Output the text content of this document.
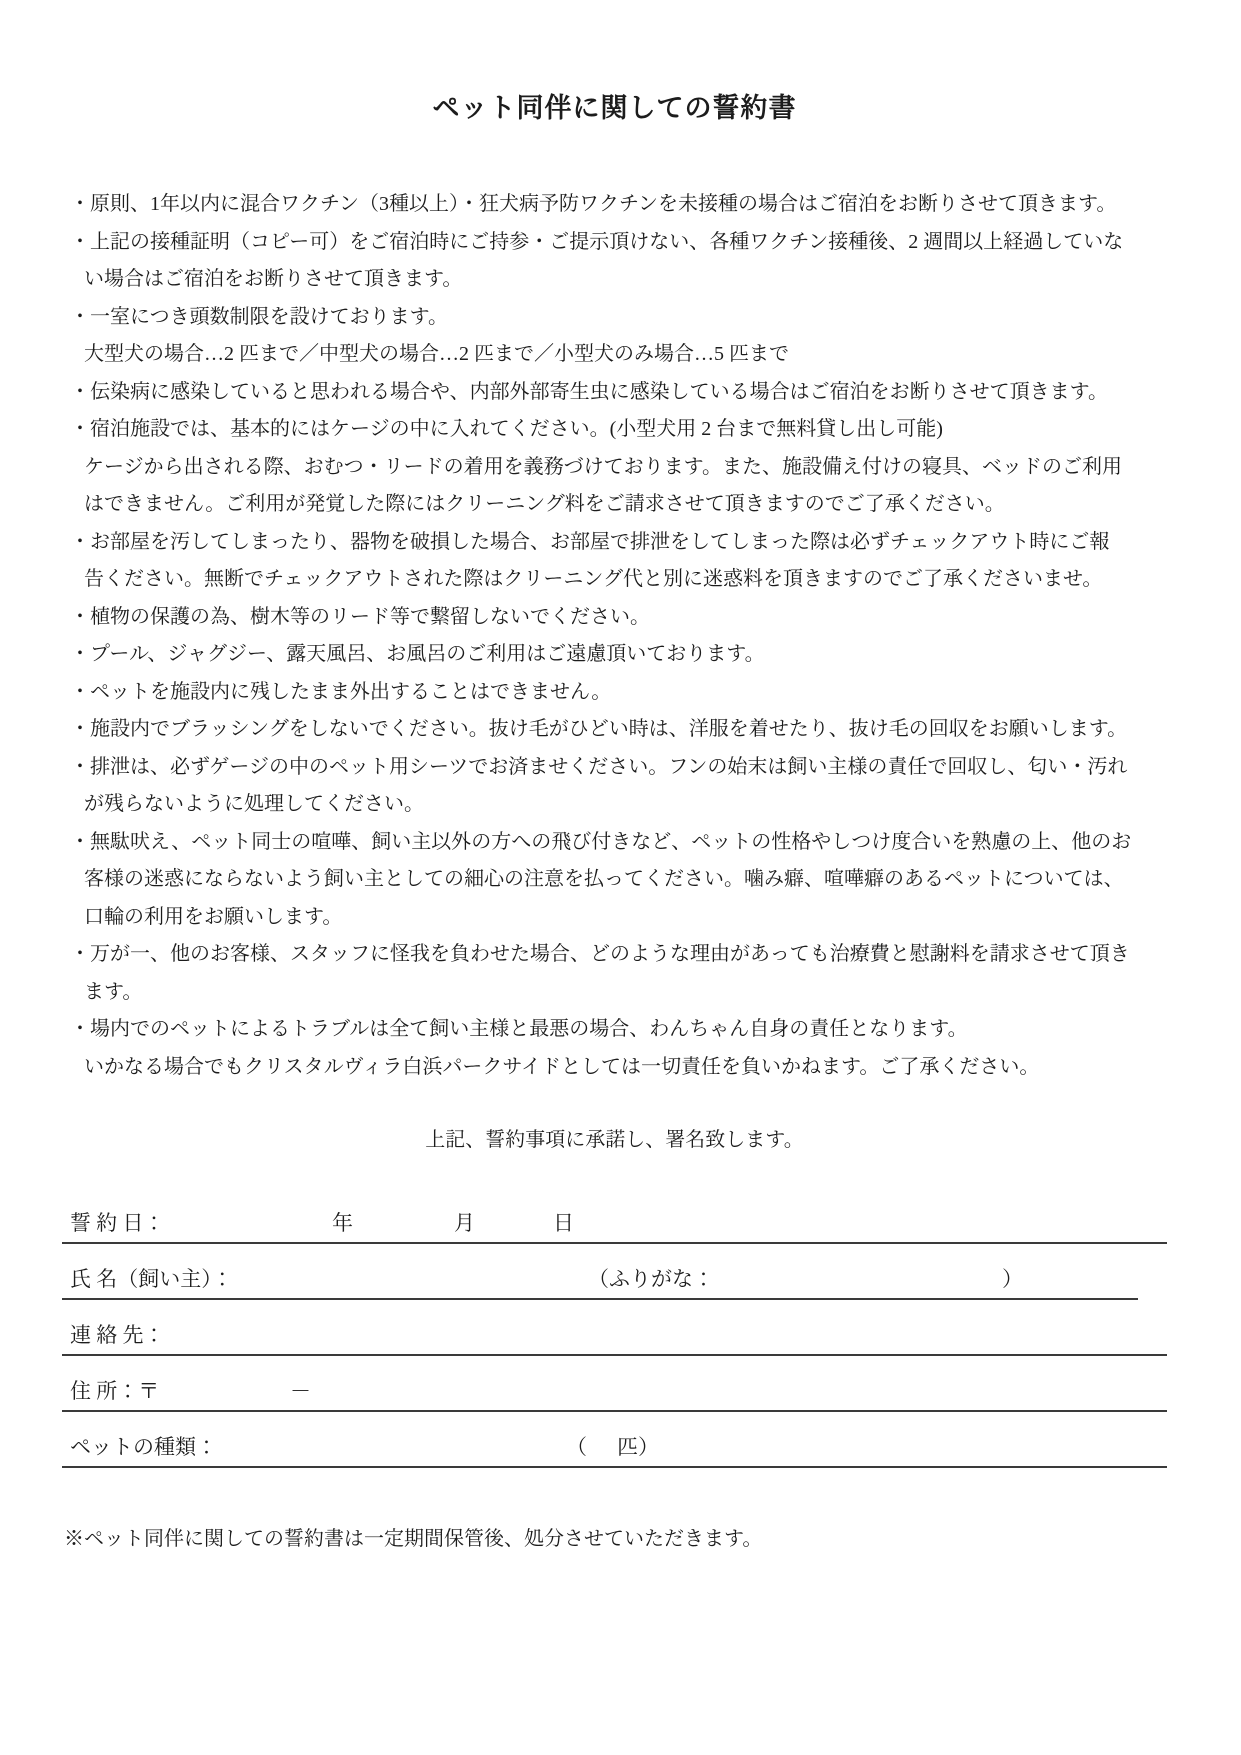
ペット同伴に関しての誓約書
・原則、1年以内に混合ワクチン（3種以上）・狂犬病予防ワクチンを未接種の場合はご宿泊をお断りさせて頂きます。
・上記の接種証明（コピー可）をご宿泊時にご持参・ご提示頂けない、各種ワクチン接種後、2 週間以上経過していな
い場合はご宿泊をお断りさせて頂きます。
・一室につき頭数制限を設けております。
大型犬の場合…2 匹まで／中型犬の場合…2 匹まで／小型犬のみ場合…5 匹まで
・伝染病に感染していると思われる場合や、内部外部寄生虫に感染している場合はご宿泊をお断りさせて頂きます。
・宿泊施設では、基本的にはケージの中に入れてください。(小型犬用 2 台まで無料貸し出し可能)
ケージから出される際、おむつ・リードの着用を義務づけております。また、施設備え付けの寝具、ベッドのご利用
はできません。ご利用が発覚した際にはクリーニング料をご請求させて頂きますのでご了承ください。
・お部屋を汚してしまったり、器物を破損した場合、お部屋で排泄をしてしまった際は必ずチェックアウト時にご報
告ください。無断でチェックアウトされた際はクリーニング代と別に迷惑料を頂きますのでご了承くださいませ。
・植物の保護の為、樹木等のリード等で繋留しないでください。
・プール、ジャグジー、露天風呂、お風呂のご利用はご遠慮頂いております。
・ペットを施設内に残したまま外出することはできません。
・施設内でブラッシングをしないでください。抜け毛がひどい時は、洋服を着せたり、抜け毛の回収をお願いします。
・排泄は、必ずゲージの中のペット用シーツでお済ませください。フンの始末は飼い主様の責任で回収し、匂い・汚れ
が残らないように処理してください。
・無駄吠え、ペット同士の喧嘩、飼い主以外の方への飛び付きなど、ペットの性格やしつけ度合いを熟慮の上、他のお
客様の迷惑にならないよう飼い主としての細心の注意を払ってください。噛み癖、喧嘩癖のあるペットについては、
口輪の利用をお願いします。
・万が一、他のお客様、スタッフに怪我を負わせた場合、どのような理由があっても治療費と慰謝料を請求させて頂き
ます。
・場内でのペットによるトラブルは全て飼い主様と最悪の場合、わんちゃん自身の責任となります。
いかなる場合でもクリスタルヴィラ白浜パークサイドとしては一切責任を負いかねます。ご了承ください。
上記、誓約事項に承諾し、署名致します。
誓 約 日：	年	月	日
氏 名（飼い主）：	（ふりがな：	）
連 絡 先：
住 所：〒	－
ペットの種類：	（ 匹）
※ペット同伴に関しての誓約書は一定期間保管後、処分させていただきます。
